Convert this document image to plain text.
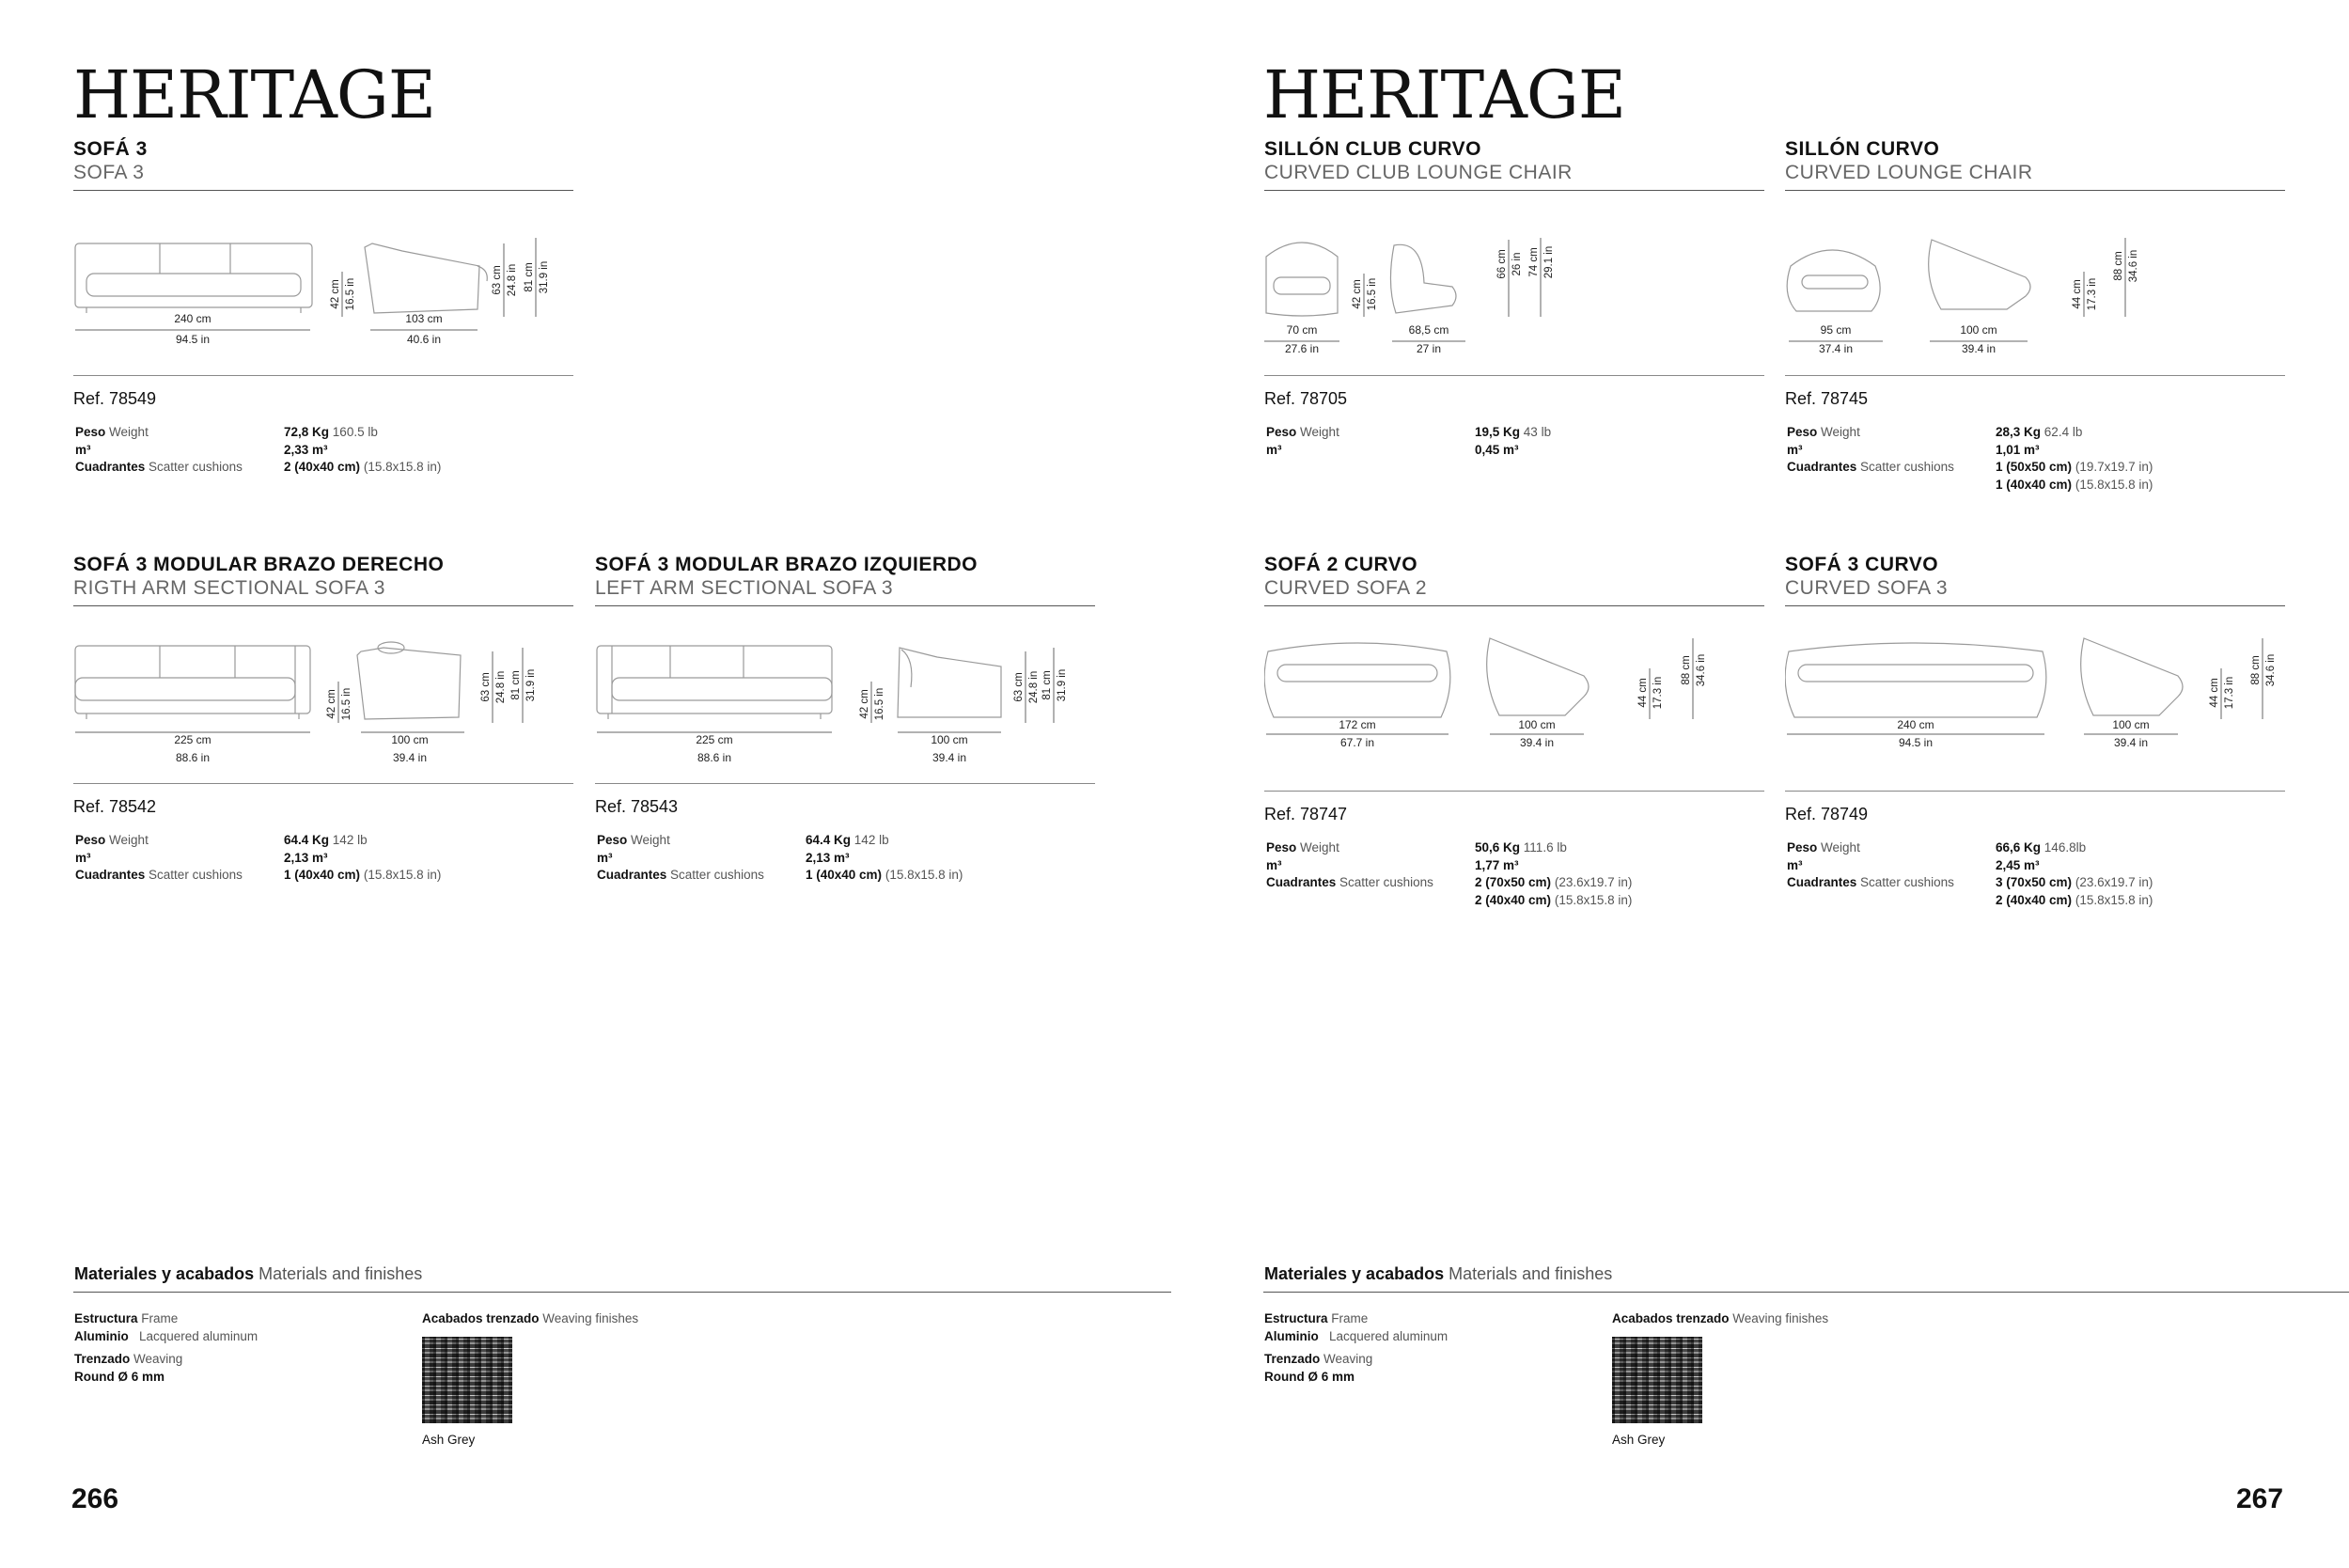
HERITAGE
SOFÁ 3
SOFA 3
240 cm
94.5 in
103 cm
40.6 in
42 cm 16.5 in	63 cm 24.8 in 81 cm 31.9 in
Ref. 78549
Peso Weight	72,8 Kg 160.5 lb
m³	2,33 m³
Cuadrantes Scatter cushions	2 (40x40 cm) (15.8x15.8 in)
SOFÁ 3 MODULAR BRAZO DERECHO
RIGTH ARM SECTIONAL SOFA 3
225 cm
88.6 in
100 cm
39.4 in
42 cm 16.5 in
63 cm 24.8 in 81 cm 31.9 in
Ref. 78542
Peso Weight	64.4 Kg 142 lb
m³	2,13 m³
Cuadrantes Scatter cushions	1 (40x40 cm) (15.8x15.8 in)
SOFÁ 3 MODULAR BRAZO IZQUIERDO
LEFT ARM SECTIONAL SOFA 3
225 cm
88.6 in
100 cm
39.4 in
42 cm 16.5 in
63 cm 24.8 in 81 cm 31.9 in
Ref. 78543
Peso Weight	64.4 Kg 142 lb
m³	2,13 m³
Cuadrantes Scatter cushions	1 (40x40 cm) (15.8x15.8 in)
Materiales y acabados Materials and finishes
Estructura Frame
Aluminio Lacquered aluminum
Trenzado Weaving
Round Ø 6 mm
Acabados trenzado Weaving finishes
Ash Grey
266
HERITAGE
SILLÓN CLUB CURVO
CURVED CLUB LOUNGE CHAIR
70 cm
27.6 in
68,5 cm
27 in
42 cm 16.5 in
66 cm 26 in 74 cm 29.1 in
Ref. 78705
Peso Weight	19,5 Kg 43 lb
m³	0,45 m³
SILLÓN CURVO
CURVED LOUNGE CHAIR
95 cm
37.4 in
100 cm
39.4 in
44 cm 17.3 in
88 cm 34.6 in
Ref. 78745
Peso Weight	28,3 Kg 62.4 lb
m³	1,01 m³
Cuadrantes Scatter cushions	1 (50x50 cm) (19.7x19.7 in)
1 (40x40 cm) (15.8x15.8 in)
SOFÁ 2 CURVO
CURVED SOFA 2
172 cm
67.7 in
100 cm
39.4 in
44 cm 17.3 in
88 cm 34.6 in
Ref. 78747
Peso Weight	50,6 Kg 111.6 lb
m³	1,77 m³
Cuadrantes Scatter cushions	2 (70x50 cm) (23.6x19.7 in)
2 (40x40 cm) (15.8x15.8 in)
SOFÁ 3 CURVO
CURVED SOFA 3
240 cm
94.5 in
100 cm
39.4 in
44 cm 17.3 in
88 cm 34.6 in
Ref. 78749
Peso Weight	66,6 Kg 146.8lb
m³	2,45 m³
Cuadrantes Scatter cushions	3 (70x50 cm) (23.6x19.7 in)
2 (40x40 cm) (15.8x15.8 in)
Materiales y acabados Materials and finishes
Estructura Frame
Aluminio Lacquered aluminum
Trenzado Weaving
Round Ø 6 mm
Acabados trenzado Weaving finishes
Ash Grey
267
